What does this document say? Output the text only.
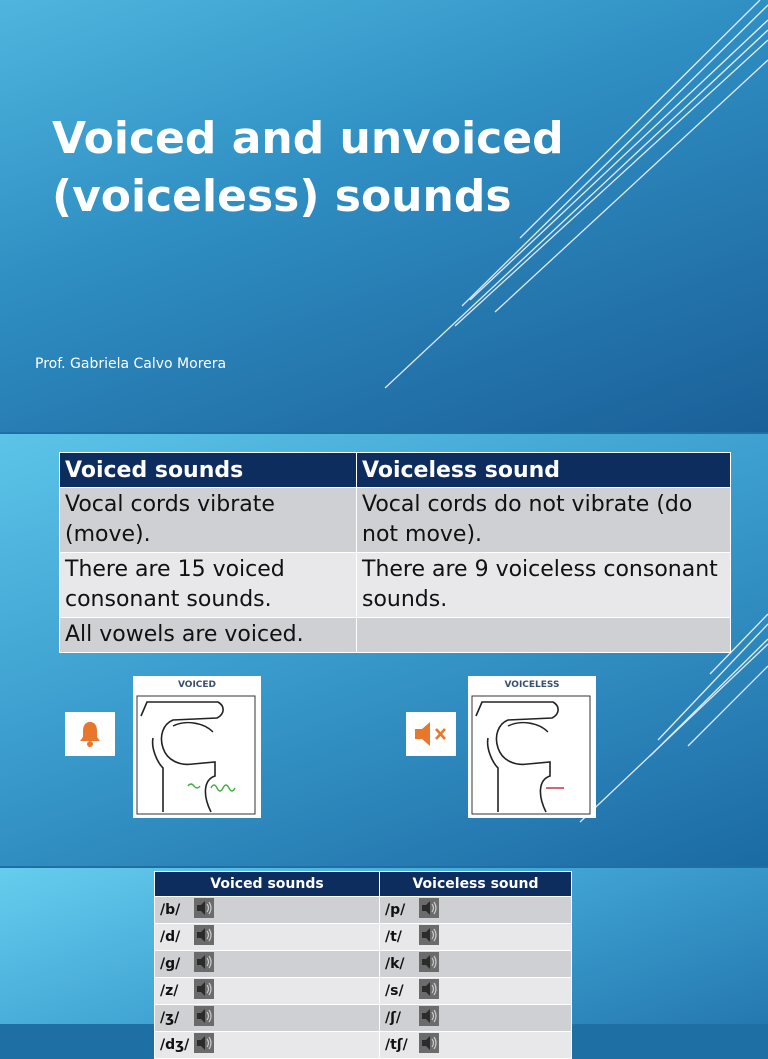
Voiced and unvoiced
(voiceless) sounds
Prof. Gabriela Calvo Morera
Voiced sounds	Voiceless sound
Vocal cords vibrate (move).	Vocal cords do not vibrate (do not move).
There are 15 voiced consonant sounds.	There are 9 voiceless consonant sounds.
All vowels are voiced.	
VOICED	VOICELESS
Voiced sounds	Voiceless sound
/b/	/p/
/d/	/t/
/g/	/k/
/z/	/s/
/ʒ/	/ʃ/
/dʒ/	/tʃ/
